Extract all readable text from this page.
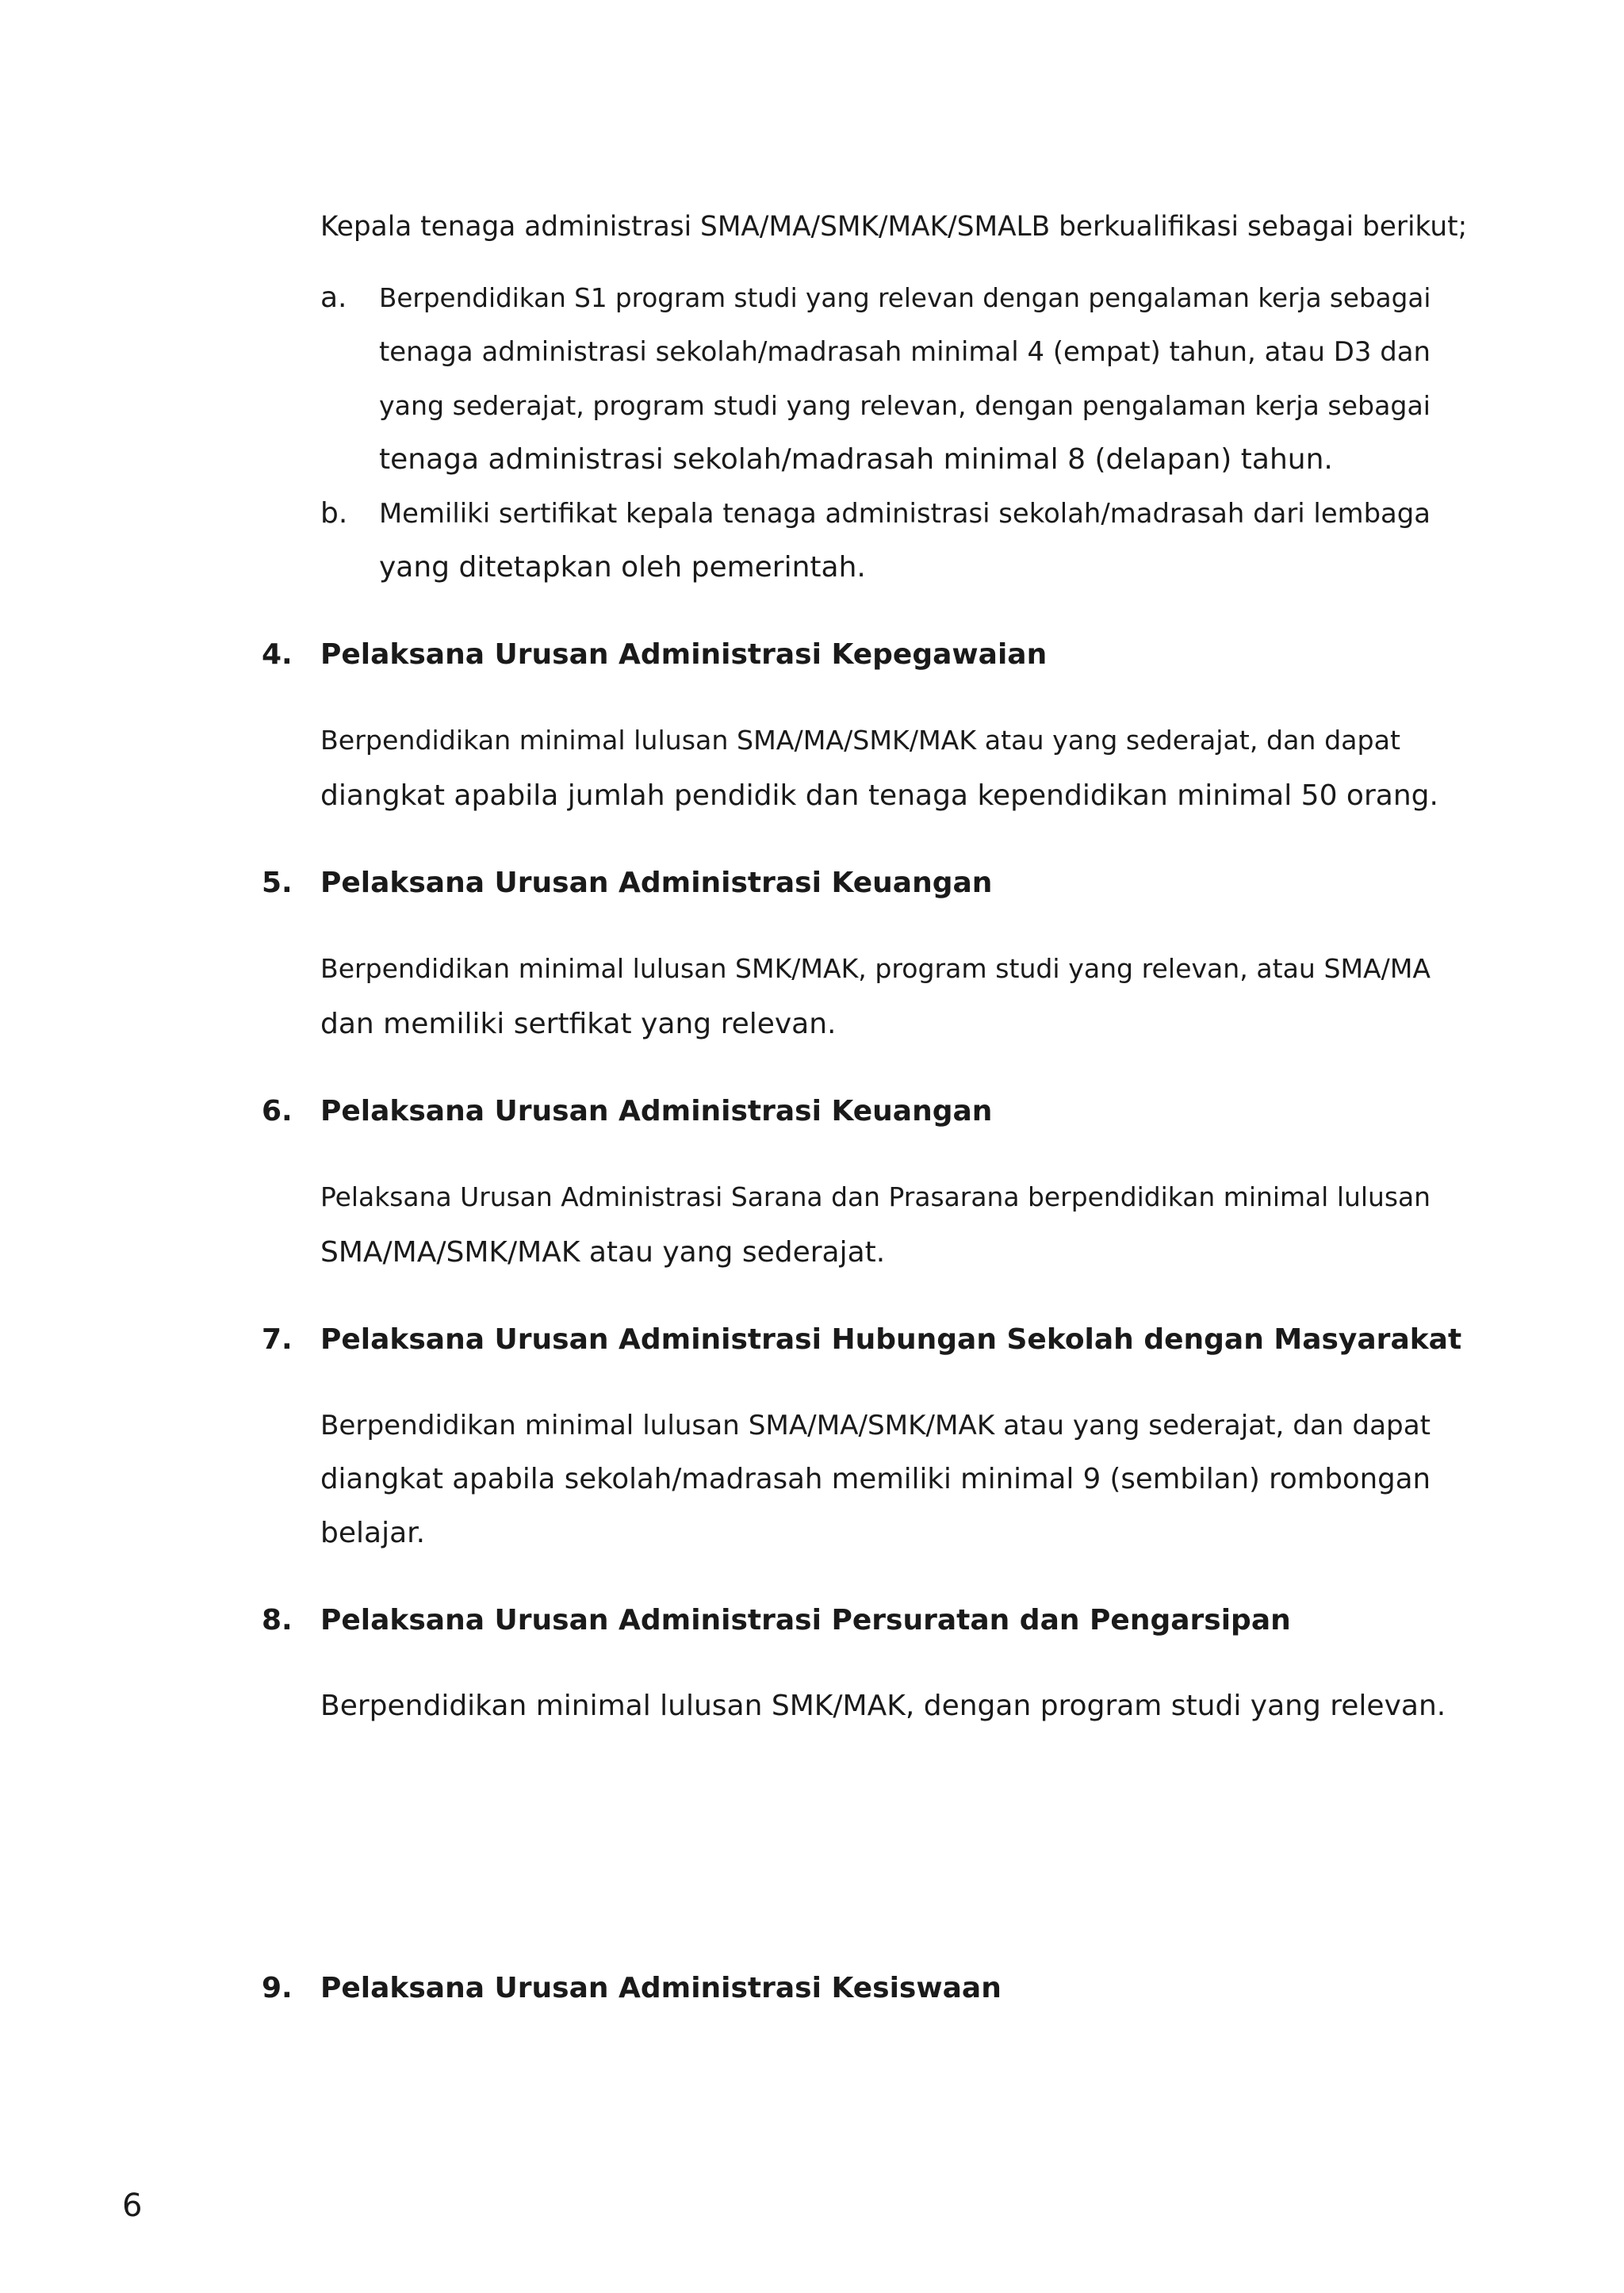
Kepala tenaga administrasi SMA/MA/SMK/MAK/SMALB berkualifikasi sebagai berikut;
a. Berpendidikan S1 program studi yang relevan dengan pengalaman kerja sebagai
tenaga administrasi sekolah/madrasah minimal 4 (empat) tahun, atau D3 dan
yang sederajat, program studi yang relevan, dengan pengalaman kerja sebagai
tenaga administrasi sekolah/madrasah minimal 8 (delapan) tahun.
b. Memiliki sertifikat kepala tenaga administrasi sekolah/madrasah dari lembaga
yang ditetapkan oleh pemerintah.
4. Pelaksana Urusan Administrasi Kepegawaian
Berpendidikan minimal lulusan SMA/MA/SMK/MAK atau yang sederajat, dan dapat
diangkat apabila jumlah pendidik dan tenaga kependidikan minimal 50 orang.
5. Pelaksana Urusan Administrasi Keuangan
Berpendidikan minimal lulusan SMK/MAK, program studi yang relevan, atau SMA/MA
dan memiliki sertfikat yang relevan.
6. Pelaksana Urusan Administrasi Keuangan
Pelaksana Urusan Administrasi Sarana dan Prasarana berpendidikan minimal lulusan
SMA/MA/SMK/MAK atau yang sederajat.
7. Pelaksana Urusan Administrasi Hubungan Sekolah dengan Masyarakat
Berpendidikan minimal lulusan SMA/MA/SMK/MAK atau yang sederajat, dan dapat
diangkat apabila sekolah/madrasah memiliki minimal 9 (sembilan) rombongan
belajar.
8. Pelaksana Urusan Administrasi Persuratan dan Pengarsipan
Berpendidikan minimal lulusan SMK/MAK, dengan program studi yang relevan.
9. Pelaksana Urusan Administrasi Kesiswaan
6
